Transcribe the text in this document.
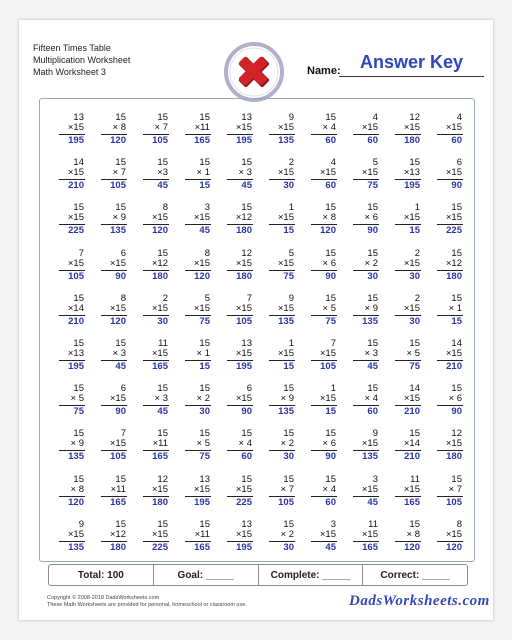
Fifteen Times Table
Multiplication Worksheet
Math Worksheet 3	Name:	Answer Key
13
×15
195
15
× 8
120
15
× 7
105
15
×11
165
13
×15
195
9
×15
135
15
× 4
60
4
×15
60
12
×15
180
4
×15
60
14
×15
210
15
× 7
105
15
×3
45
15
× 1
15
15
× 3
45
2
×15
30
4
×15
60
5
×15
75
15
×13
195
6
×15
90
15
×15
225
15
× 9
135
8
×15
120
3
×15
45
15
×12
180
1
×15
15
15
× 8
120
15
× 6
90
1
×15
15
15
×15
225
7
×15
105
6
×15
90
15
×12
180
8
×15
120
12
×15
180
5
×15
75
15
× 6
90
15
× 2
30
2
×15
30
15
×12
180
15
×14
210
8
×15
120
2
×15
30
5
×15
75
7
×15
105
9
×15
135
15
× 5
75
15
× 9
135
2
×15
30
15
× 1
15
15
×13
195
15
× 3
45
11
×15
165
15
× 1
15
13
×15
195
1
×15
15
7
×15
105
15
× 3
45
15
× 5
75
14
×15
210
15
× 5
75
6
×15
90
15
× 3
45
15
× 2
30
6
×15
90
15
× 9
135
1
×15
15
15
× 4
60
14
×15
210
15
× 6
90
15
× 9
135
7
×15
105
15
×11
165
15
× 5
75
15
× 4
60
15
× 2
30
15
× 6
90
9
×15
135
15
×14
210
12
×15
180
15
× 8
120
15
×11
165
12
×15
180
13
×15
195
15
×15
225
15
× 7
105
15
× 4
60
3
×15
45
11
×15
165
15
× 7
105
9
×15
135
15
×12
180
15
×15
225
15
×11
165
13
×15
195
15
× 2
30
3
×15
45
11
×15
165
15
× 8
120
8
×15
120
Total: 100	Goal: _____	Complete: _____	Correct: _____
Copyright © 2008-2018 DadsWorksheets.com
These Math Worksheets are provided for personal, homeschool or classroom use.	DadsWorksheets.com
